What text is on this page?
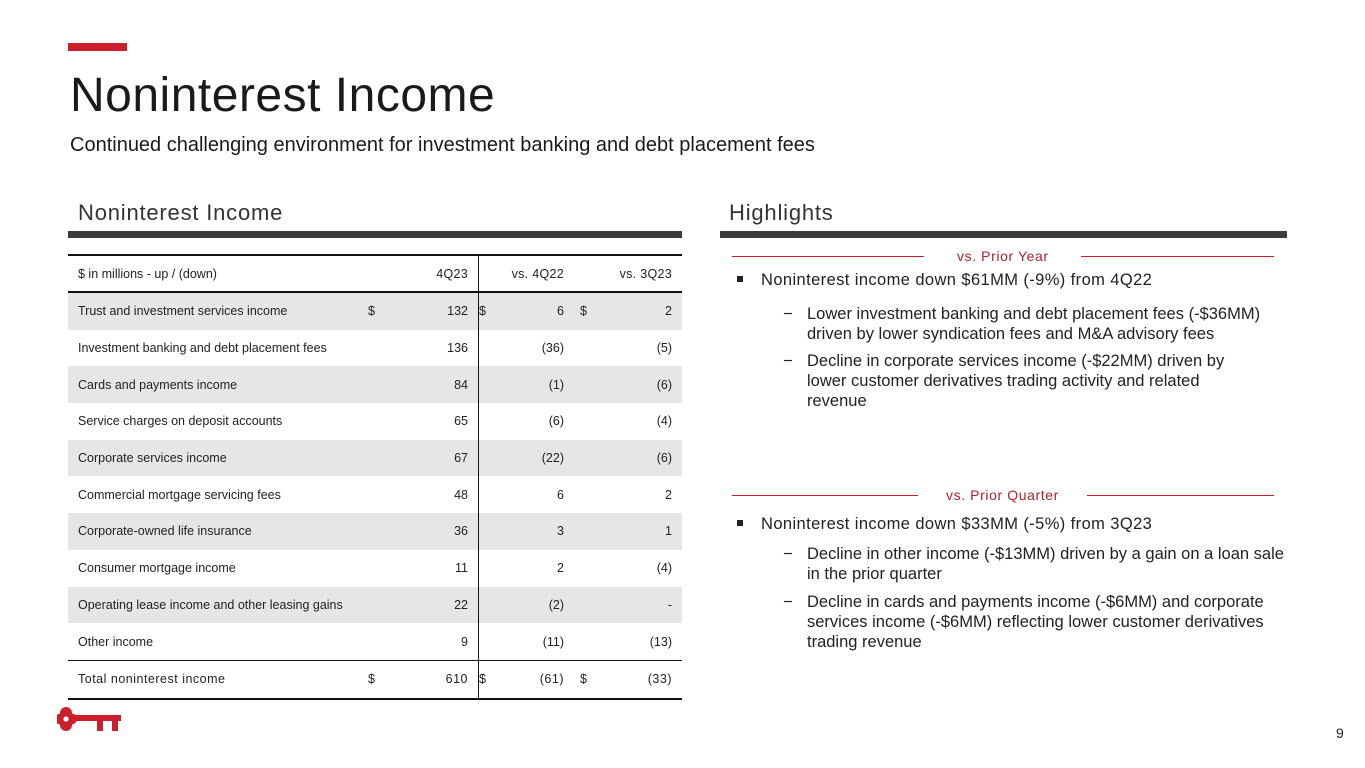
Noninterest Income
Continued challenging environment for investment banking and debt placement fees
Noninterest Income	Highlights
$ in millions - up / (down)	4Q23	vs. 4Q22	vs. 3Q23
Trust and investment services income	$	132 $	6 $	2
Investment banking and debt placement fees	136	(36)	(5)
Cards and payments income	84	(1)	(6)
Service charges on deposit accounts	65	(6)	(4)
Corporate services income	67	(22)	(6)
Commercial mortgage servicing fees	48	6	2
Corporate-owned life insurance	36	3	1
Consumer mortgage income	11	2	(4)
Operating lease income and other leasing gains	22	(2)	-
Other income	9	(11)	(13)
Total noninterest income	$	610 $	(61) $	(33)
vs. Prior Year
Noninterest income down $61MM (-9%) from 4Q22
− Lower investment banking and debt placement fees (-$36MM) driven by lower syndication fees and M&A advisory fees
− Decline in corporate services income (-$22MM) driven by lower customer derivatives trading activity and related revenue
vs. Prior Quarter
Noninterest income down $33MM (-5%) from 3Q23
− Decline in other income (-$13MM) driven by a gain on a loan sale in the prior quarter
− Decline in cards and payments income (-$6MM) and corporate services income (-$6MM) reflecting lower customer derivatives trading revenue
9
